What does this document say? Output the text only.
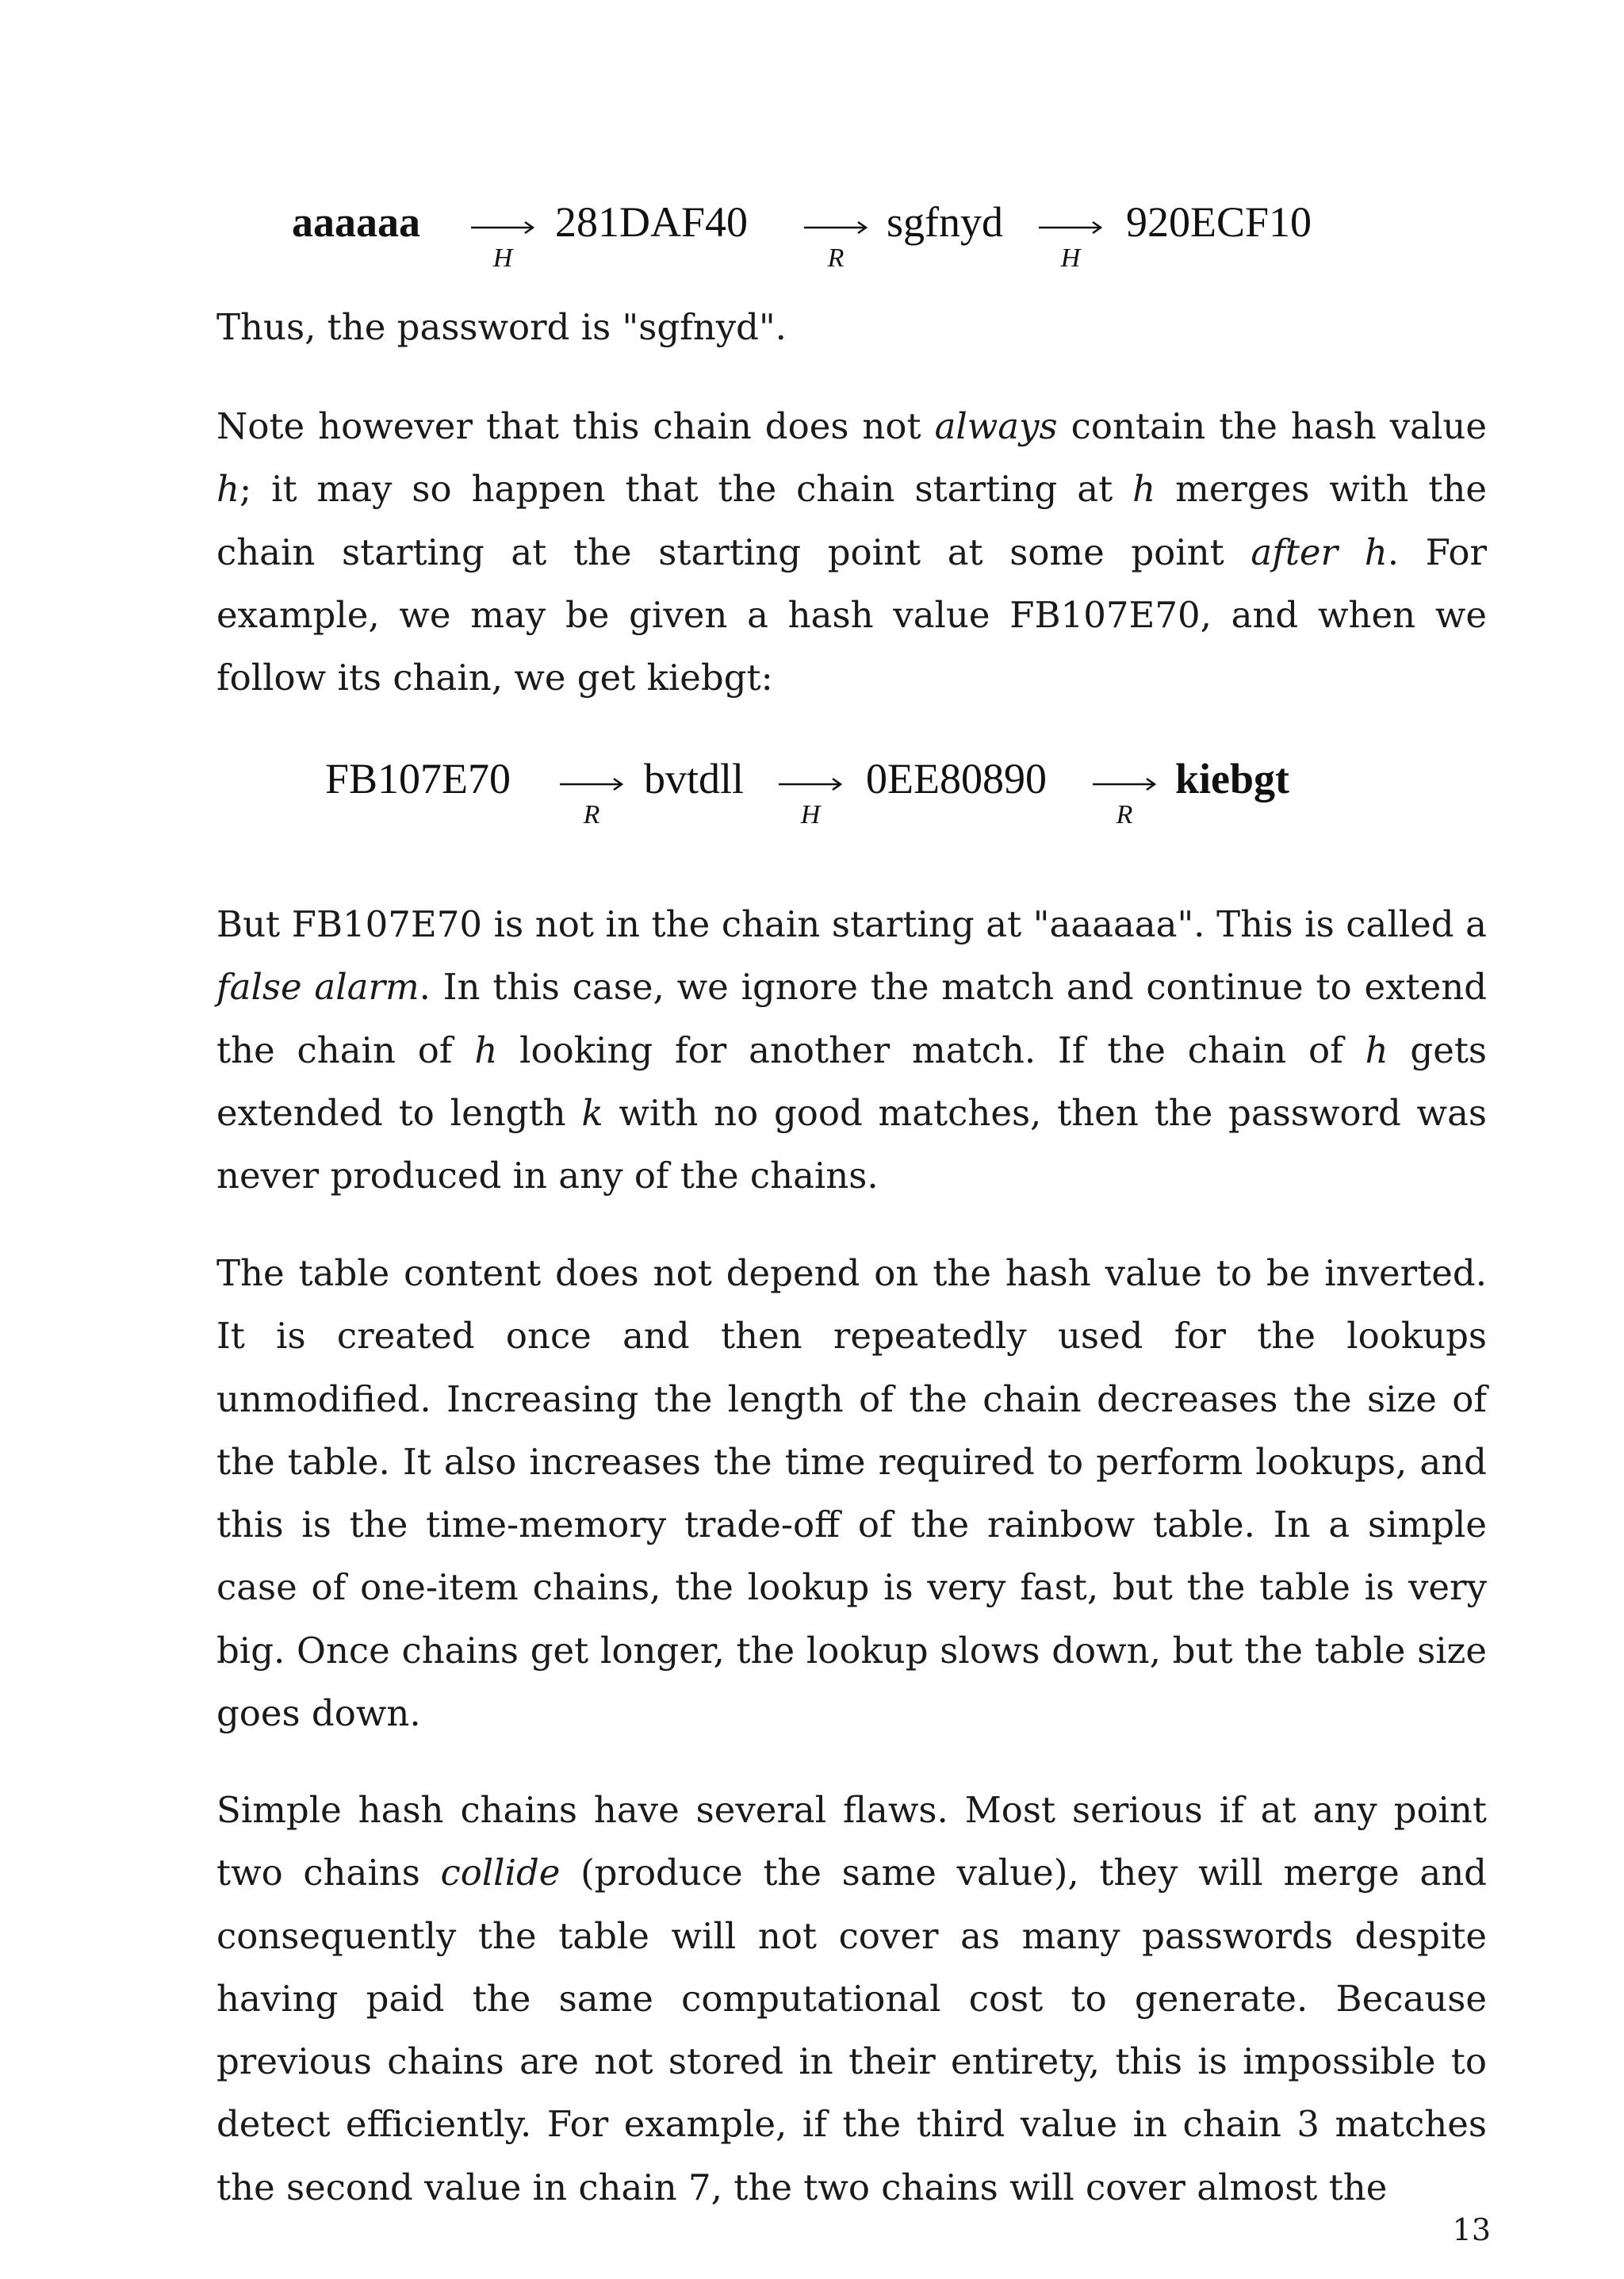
aaaaaa
H
281DAF40
R
sgfnyd
H
920ECF10

Thus, the password is "sgfnyd".

Note however that this chain does not always contain the hash value h; it may so happen that the chain starting at h merges with the chain starting at the starting point at some point after h. For example, we may be given a hash value FB107E70, and when we follow its chain, we get kiebgt:

FB107E70
R
bvtdll
H
0EE80890
R
kiebgt

But FB107E70 is not in the chain starting at "aaaaaa". This is called a false alarm. In this case, we ignore the match and continue to extend the chain of h looking for another match. If the chain of h gets extended to length k with no good matches, then the password was never produced in any of the chains.

The table content does not depend on the hash value to be inverted. It is created once and then repeatedly used for the lookups unmodified. Increasing the length of the chain decreases the size of the table. It also increases the time required to perform lookups, and this is the time-memory trade-off of the rainbow table. In a simple case of one-item chains, the lookup is very fast, but the table is very big. Once chains get longer, the lookup slows down, but the table size goes down.

Simple hash chains have several flaws. Most serious if at any point two chains collide (produce the same value), they will merge and consequently the table will not cover as many passwords despite having paid the same computational cost to generate. Because previous chains are not stored in their entirety, this is impossible to detect efficiently. For example, if the third value in chain 3 matches the second value in chain 7, the two chains will cover almost the

13
